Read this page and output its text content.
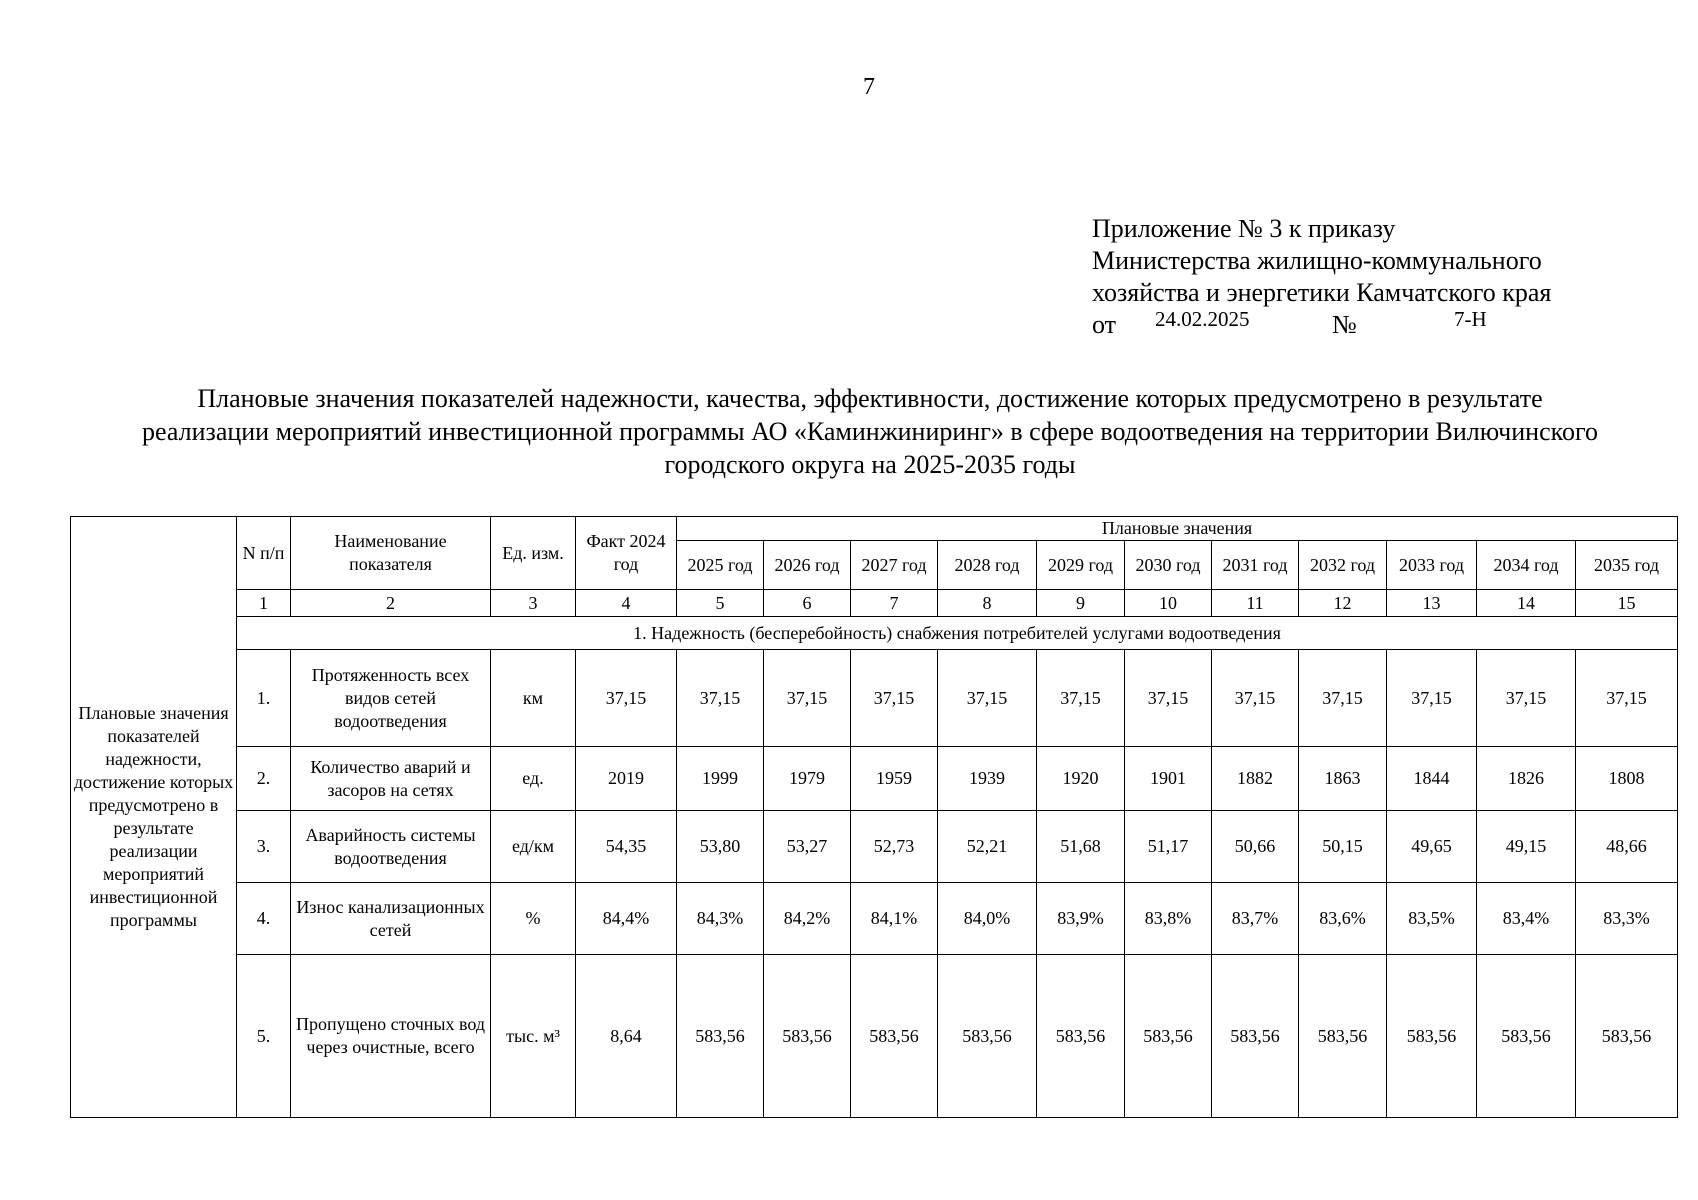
7
Приложение № 3 к приказу
Министерства жилищно-коммунального
хозяйства и энергетики Камчатского края
от 24.02.2025	№	7-Н
Плановые значения показателей надежности, качества, эффективности, достижение которых предусмотрено в результате
реализации мероприятий инвестиционной программы АО «Каминжиниринг» в сфере водоотведения на территории Вилючинского
городского округа на 2025-2035 годы
Плановые значения показателей надежности, достижение которых предусмотрено в результате реализации мероприятий инвестиционной программы	N п/п	Наименование показателя	Ед. изм.	Факт 2024 год	Плановые значения										
					2025 год	2026 год	2027 год	2028 год	2029 год	2030 год	2031 год	2032 год	2033 год	2034 год	2035 год
	1	2	3	4	5	6	7	8	9	10	11	12	13	14	15
	1. Надежность (бесперебойность) снабжения потребителей услугами водоотведения														
	1.	Протяженность всех видов сетей водоотведения	км	37,15	37,15	37,15	37,15	37,15	37,15	37,15	37,15	37,15	37,15	37,15	37,15
	2.	Количество аварий и засоров на сетях	ед.	2019	1999	1979	1959	1939	1920	1901	1882	1863	1844	1826	1808
	3.	Аварийность системы водоотведения	ед/км	54,35	53,80	53,27	52,73	52,21	51,68	51,17	50,66	50,15	49,65	49,15	48,66
	4.	Износ канализационных сетей	%	84,4%	84,3%	84,2%	84,1%	84,0%	83,9%	83,8%	83,7%	83,6%	83,5%	83,4%	83,3%
	5.	Пропущено сточных вод через очистные, всего	тыс. м³	8,64	583,56	583,56	583,56	583,56	583,56	583,56	583,56	583,56	583,56	583,56	583,56
